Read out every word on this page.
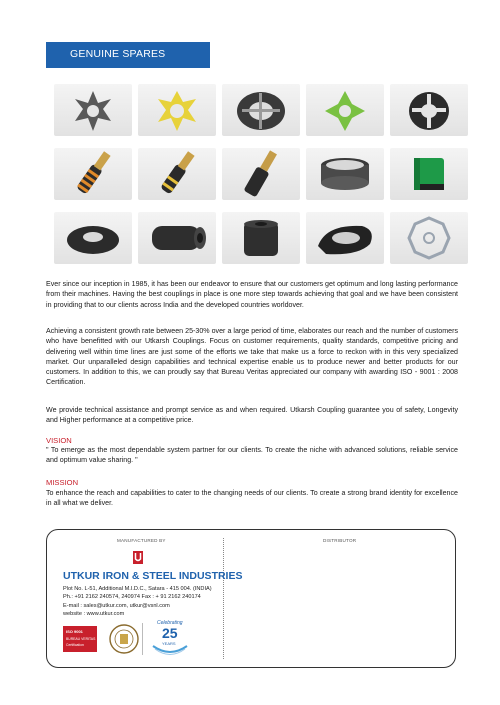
GENUINE SPARES

Ever since our inception in 1985, it has been our endeavor to ensure that our customers get optimum and long lasting performance from their machines. Having the best couplings in place is one more step towards achieving that goal and we have been consistent in providing that to our clients across India and the developed countries worldover.

Achieving a consistent growth rate between 25-30% over a large period of time, elaborates our reach and the number of customers who have benefitted with our Utkarsh Couplings. Focus on customer requirements, quality standards, competitive pricing and delivering well within time lines are just some of the efforts we take that make us a force to reckon with in this very specialized market. Our unparalleled design capabilities and technical expertise enable us to produce newer and better products for our customers. In addition to this, we can proudly say that Bureau Veritas appreciated our company with awarding ISO - 9001 : 2008 Certification.

We provide technical assistance and prompt service as and when required. Utkarsh Coupling guarantee you of safety, Longevity and Higher performance at a competitive price.

VISION

" To emerge as the most dependable system partner for our clients. To create the niche with advanced solutions, reliable service and optimum value sharing. "

MISSION

To enhance the reach and capabilities to cater to the changing needs of our clients. To create a strong brand identity for excellence in all what we deliver.

MANUFACTURED BY	DISTRIBUTOR
UTKUR IRON & STEEL INDUSTRIES
Plot No. L-51, Additional M.I.D.C., Satara - 415 004. (INDIA)
Ph.: +91 2162 240574, 240974 Fax : + 91 2162 240174
E-mail : sales@utkur.com, utkur@vsnl.com
website : www.utkur.com
ISO 9001
BUREAU VERITAS
Certification
Celebrating
25
YEARS
